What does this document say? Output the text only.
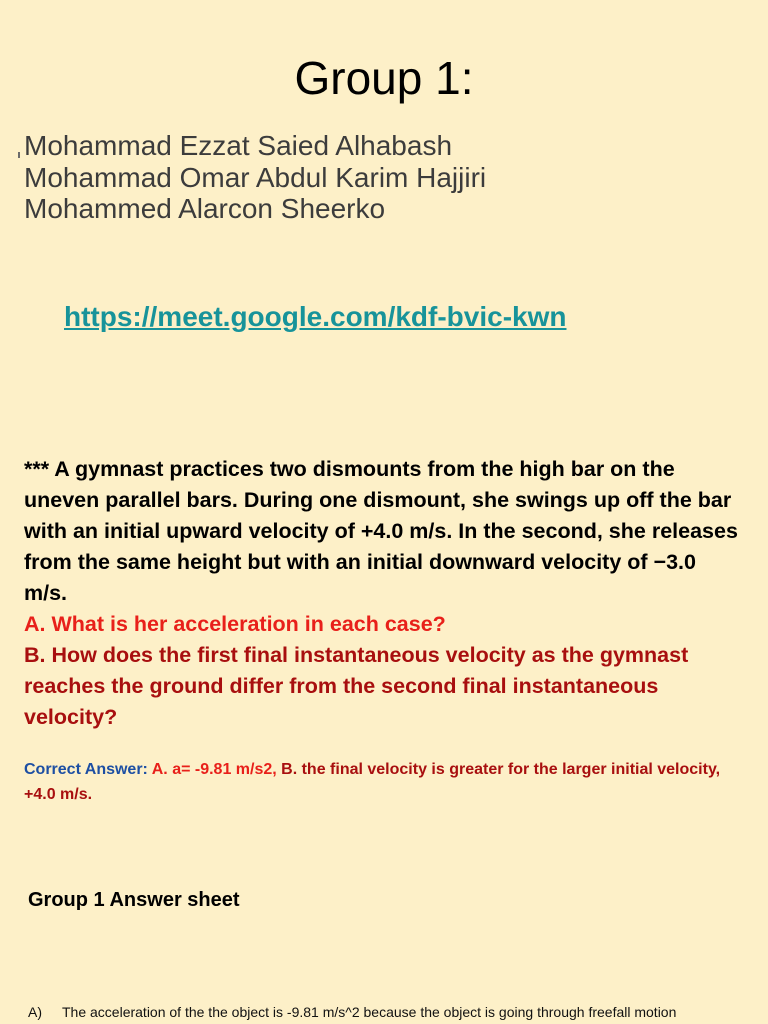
Group 1:
Mohammad Ezzat Saied Alhabash
Mohammad Omar Abdul Karim Hajjiri
Mohammed Alarcon Sheerko
https://meet.google.com/kdf-bvic-kwn
*** A gymnast practices two dismounts from the high bar on the uneven parallel bars. During one dismount, she swings up off the bar with an initial upward velocity of +4.0 m/s. In the second, she releases from the same height but with an initial downward velocity of −3.0 m/s.
A. What is her acceleration in each case?
B. How does the first final instantaneous velocity as the gymnast reaches the ground differ from the second final instantaneous velocity?
Correct Answer: A. a= -9.81 m/s2, B. the final velocity is greater for the larger initial velocity, +4.0 m/s.
Group 1 Answer sheet
A) The acceleration of the the object is -9.81 m/s^2 because the object is going through freefall motion
